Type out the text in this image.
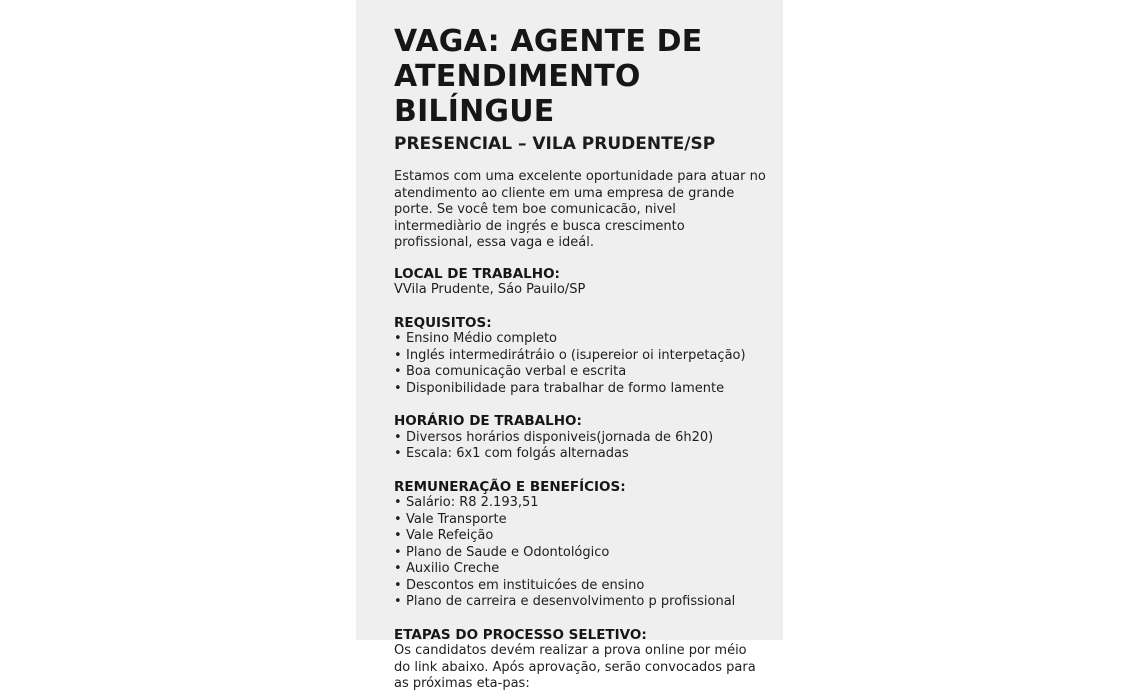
VAGA: AGENTE DE ATENDIMENTO BILÍNGUE
PRESENCIAL – VILA PRUDENTE/SP

Estamos com uma excelente oportunidade para atuar no atendimento ao cliente em uma empresa de grande porte. Se você tem boe comunicacão, nivel intermediàrio de ingŗés e busca crescimento profissional, essa vaga e ideál.

LOCAL DE TRABALHO:

VVila Prudente, Sáo Pauilo/SP

REQUISITOS:
• Ensino Médio completo
• Inglés intermedirátráio o (isɹpereior oi interpetação)
• Boa comunicação verbal e escrita
• Disponibilidade para trabalhar de formo lamente
HORÁRIO DE TRABALHO:
• Diversos horários disponiveis(jornada de 6h20)
• Escala: 6x1 com folgás alternadas
REMUNERAÇÃO E BENEFÍCIOS:
• Salário: R8 2.193,51
• Vale Transporte
• Vale Refeição
• Plano de Saude e Odontológico
• Auxilio Creche
• Descontos em instituicóes de ensino
• Plano de carreira e desenvolvimento p profissional
ETAPAS DO PROCESSO SELETIVO:

Os candidatos devém realizar a prova online por méio do link abaixo. Após aprovação, serão convocados para as próximas eta-pas:
